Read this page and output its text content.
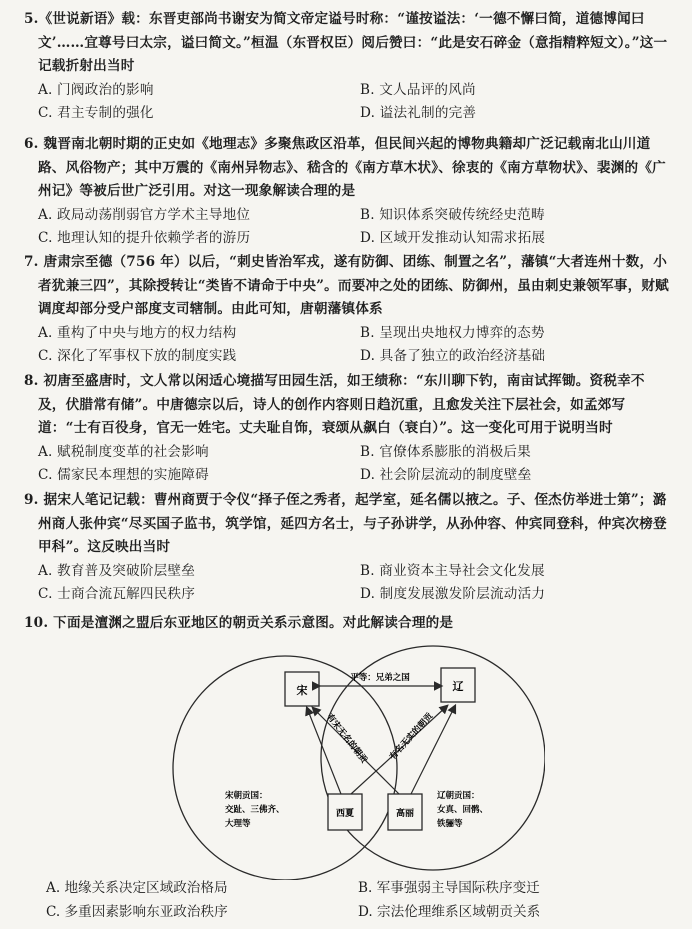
5.《世说新语》载：东晋吏部尚书谢安为简文帝定谥号时称：“谨按谥法：‘一德不懈曰简，道德博闻曰文’……宜尊号曰太宗，谥曰简文。”桓温（东晋权臣）阅后赞曰：“此是安石碎金（意指精粹短文）。”这一记载折射出当时
A. 门阀政治的影响	B. 文人品评的风尚
C. 君主专制的强化	D. 谥法礼制的完善
6. 魏晋南北朝时期的正史如《地理志》多聚焦政区沿革，但民间兴起的博物典籍却广泛记载南北山川道路、风俗物产；其中万震的《南州异物志》、嵇含的《南方草木状》、徐衷的《南方草物状》、裴渊的《广州记》等被后世广泛引用。对这一现象解读合理的是
A. 政局动荡削弱官方学术主导地位	B. 知识体系突破传统经史范畴
C. 地理认知的提升依赖学者的游历	D. 区域开发推动认知需求拓展
7. 唐肃宗至德（756 年）以后，“刺史皆治军戎，遂有防御、团练、制置之名”，藩镇“大者连州十数，小者犹兼三四”，其除授转让“类皆不请命于中央”。而要冲之处的团练、防御州，虽由刺史兼领军事，财赋调度却部分受户部度支司辖制。由此可知，唐朝藩镇体系
A. 重构了中央与地方的权力结构	B. 呈现出央地权力博弈的态势
C. 深化了军事权下放的制度实践	D. 具备了独立的政治经济基础
8. 初唐至盛唐时，文人常以闲适心境描写田园生活，如王绩称：“东川聊下钓，南亩试挥锄。资税幸不及，伏腊常有储”。中唐德宗以后，诗人的创作内容则日趋沉重，且愈发关注下层社会，如孟郊写道：“士有百役身，官无一姓宅。丈夫耻自饰，衰颂从飙白（衰白）”。这一变化可用于说明当时
A. 赋税制度变革的社会影响	B. 官僚体系膨胀的消极后果
C. 儒家民本理想的实施障碍	D. 社会阶层流动的制度壁垒
9. 据宋人笔记记载：曹州商贾于令仪“择子侄之秀者，起学室，延名儒以掖之。子、侄杰仿举进士第”；潞州商人张仲宾“尽买国子监书，筑学馆，延四方名士，与子孙讲学，从孙仲容、仲宾同登科，仲宾次榜登甲科”。这反映出当时
A. 教育普及突破阶层壁垒	B. 商业资本主导社会文化发展
C. 士商合流瓦解四民秩序	D. 制度发展激发阶层流动活力
10. 下面是澶渊之盟后东亚地区的朝贡关系示意图。对此解读合理的是
宋	辽
西夏	高丽
平等：兄弟之国
有宋无名的朝贡 有名无实的朝贡
宋朝贡国：
交趾、三佛齐、
大理等
辽朝贡国：
女真、回鹘、
铁骊等
A. 地缘关系决定区域政治格局	B. 军事强弱主导国际秩序变迁
C. 多重因素影响东亚政治秩序	D. 宗法伦理维系区域朝贡关系
